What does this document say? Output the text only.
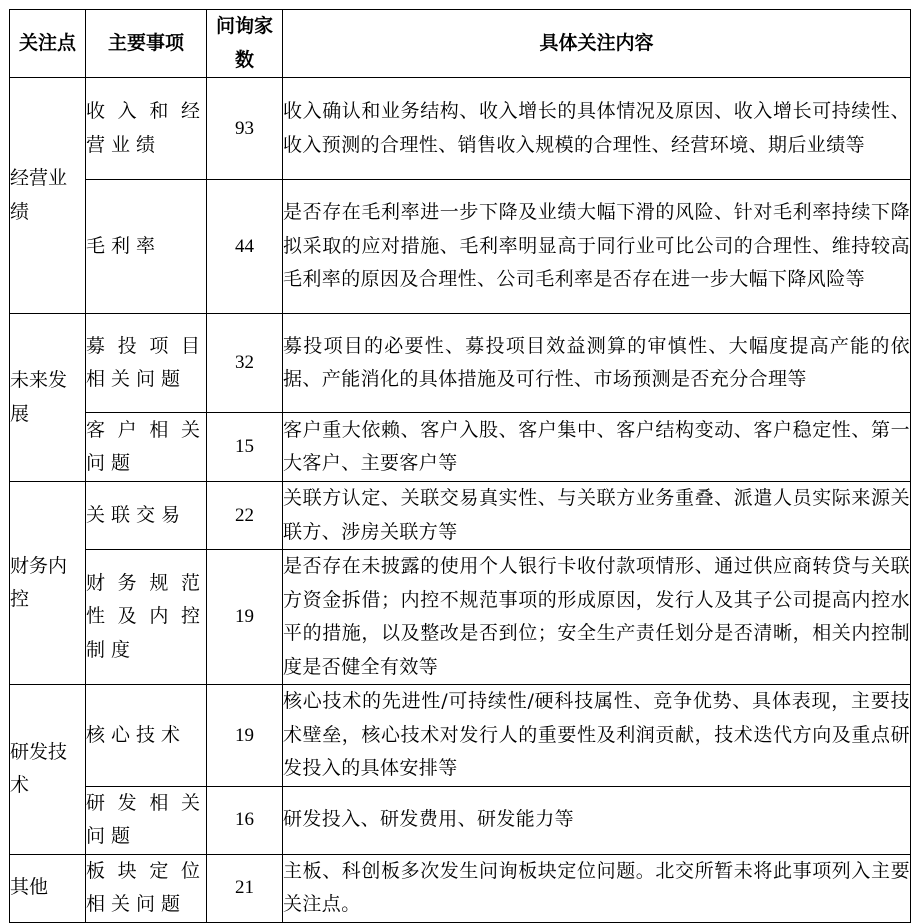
关注点	主要事项	问询家数	具体关注内容
经营业绩	收入和经营业绩	93	收入确认和业务结构、收入增长的具体情况及原因、收入增长可持续性、收入预测的合理性、销售收入规模的合理性、经营环境、期后业绩等
	毛利率	44	是否存在毛利率进一步下降及业绩大幅下滑的风险、针对毛利率持续下降拟采取的应对措施、毛利率明显高于同行业可比公司的合理性、维持较高毛利率的原因及合理性、公司毛利率是否存在进一步大幅下降风险等
未来发展	募投项目相关问题	32	募投项目的必要性、募投项目效益测算的审慎性、大幅度提高产能的依据、产能消化的具体措施及可行性、市场预测是否充分合理等
	客户相关问题	15	客户重大依赖、客户入股、客户集中、客户结构变动、客户稳定性、第一大客户、主要客户等
财务内控	关联交易	22	关联方认定、关联交易真实性、与关联方业务重叠、派遣人员实际来源关联方、涉房关联方等
	财务规范性及内控制度	19	是否存在未披露的使用个人银行卡收付款项情形、通过供应商转贷与关联方资金拆借；内控不规范事项的形成原因，发行人及其子公司提高内控水平的措施，以及整改是否到位；安全生产责任划分是否清晰，相关内控制度是否健全有效等
研发技术	核心技术	19	核心技术的先进性/可持续性/硬科技属性、竞争优势、具体表现，主要技术壁垒，核心技术对发行人的重要性及利润贡献，技术迭代方向及重点研发投入的具体安排等
	研发相关问题	16	研发投入、研发费用、研发能力等
其他	板块定位相关问题	21	主板、科创板多次发生问询板块定位问题。北交所暂未将此事项列入主要关注点。
